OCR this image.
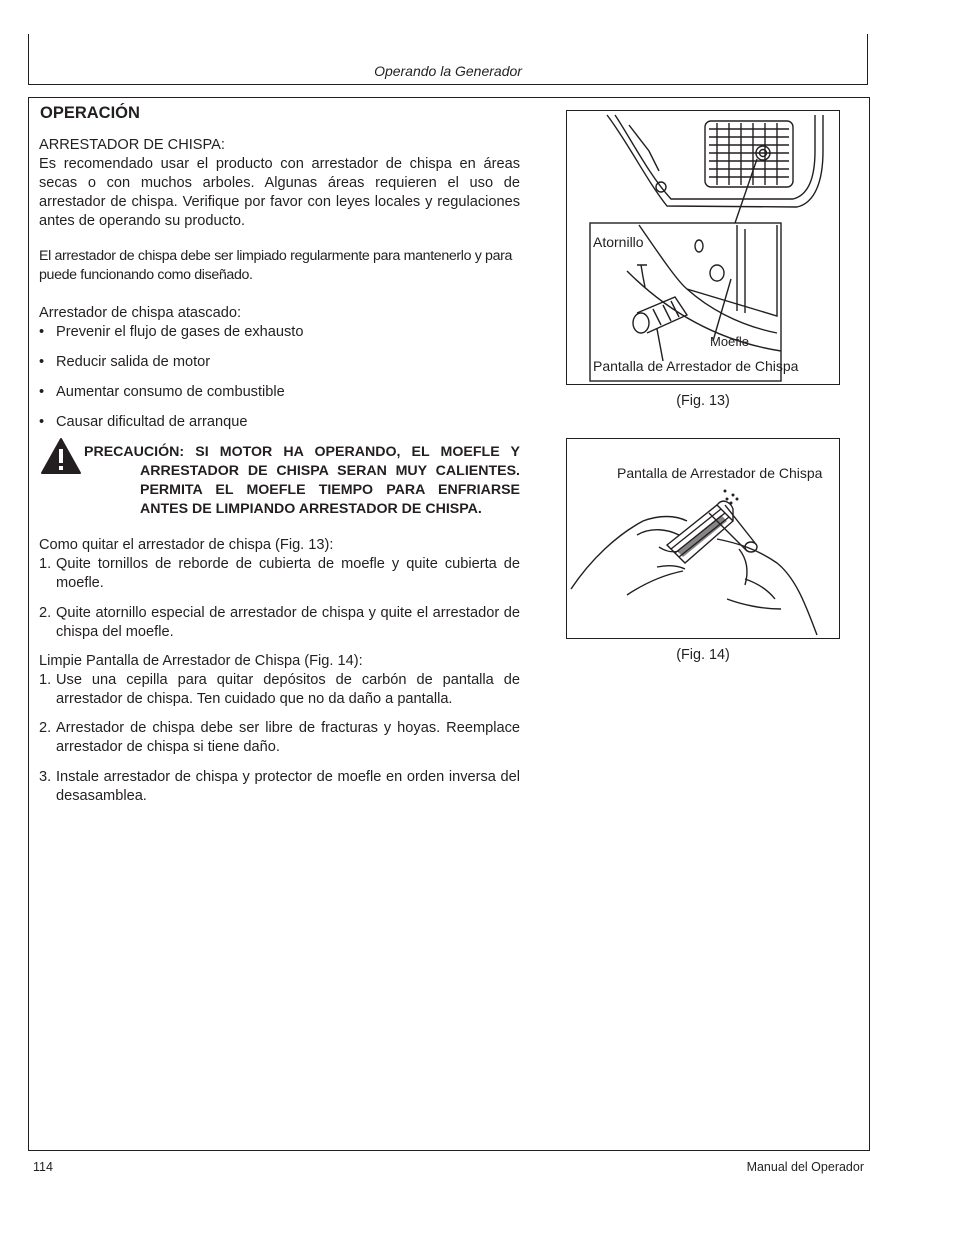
Operando la Generador
OPERACIÓN
ARRESTADOR DE CHISPA:
Es recomendado usar el producto con arrestador de chispa en áreas secas o con muchos arboles. Algunas áreas requieren el uso de arrestador de chispa. Verifique por favor con leyes locales y regulaciones antes de operando su producto.
El arrestador de chispa debe ser limpiado regularmente para mantenerlo y para puede funcionando como diseñado.
Arrestador de chispa atascado:
• Prevenir el flujo de gases de exhausto
• Reducir salida de motor
• Aumentar consumo de combustible
• Causar dificultad de arranque
PRECAUCIÓN: SI MOTOR HA OPERANDO, EL MOEFLE Y
ARRESTADOR DE CHISPA SERAN MUY CALIENTES.
PERMITA EL MOEFLE TIEMPO PARA ENFRIARSE
ANTES DE LIMPIANDO ARRESTADOR DE CHISPA.
Como quitar el arrestador de chispa (Fig. 13):
1. Quite tornillos de reborde de cubierta de moefle y quite cubierta de moefle.
2. Quite atornillo especial de arrestador de chispa y quite el arrestador de chispa del moefle.
Limpie Pantalla de Arrestador de Chispa (Fig. 14):
1. Use una cepilla para quitar depósitos de carbón de pantalla de arrestador de chispa. Ten cuidado que no da daño a pantalla.
2. Arrestador de chispa debe ser libre de fracturas y hoyas. Reemplace arrestador de chispa si tiene daño.
3. Instale arrestador de chispa y protector de moefle en orden inversa del desasamblea.
Atornillo
Moefle
Pantalla de Arrestador de Chispa
(Fig. 13)
Pantalla de Arrestador de Chispa
(Fig. 14)
114	Manual del Operador
